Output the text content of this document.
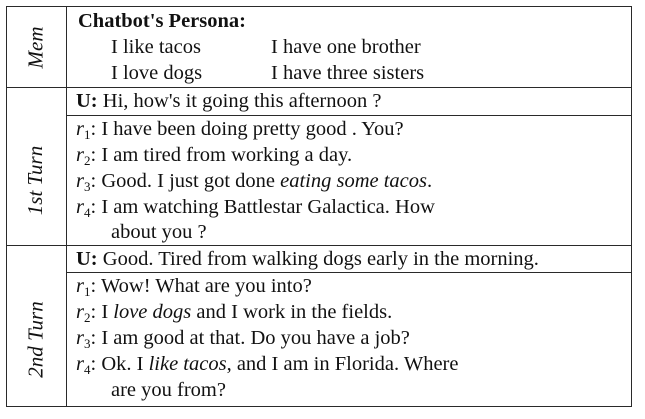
Mem
Chatbot's Persona:
I like tacos	I have one brother
I love dogs	I have three sisters
1st Turn
U: Hi, how's it going this afternoon ?
$r_1$: I have been doing pretty good . You?
$r_2$: I am tired from working a day.
$r_3$: Good. I just got done eating some tacos.
$r_4$: I am watching Battlestar Galactica. How
about you ?
2nd Turn
U: Good. Tired from walking dogs early in the morning.
$r_1$: Wow! What are you into?
$r_2$: I love dogs and I work in the fields.
$r_3$: I am good at that. Do you have a job?
$r_4$: Ok. I like tacos, and I am in Florida. Where
are you from?
